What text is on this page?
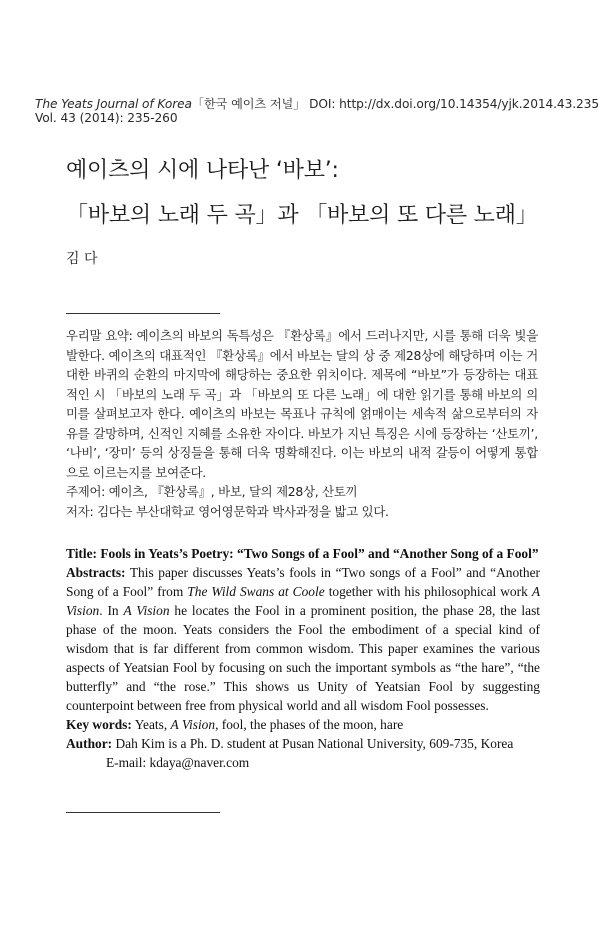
The Yeats Journal of Korea「한국 예이츠 저널」 DOI: http://dx.doi.org/10.14354/yjk.2014.43.235
Vol. 43 (2014): 235-260
예이츠의 시에 나타난 ‘바보’:
「바보의 노래 두 곡」과 「바보의 또 다른 노래」
김 다

우리말 요약: 예이츠의 바보의 독특성은 『환상록』에서 드러나지만, 시를 통해 더욱 빛을 발한다. 예이츠의 대표적인 『환상록』에서 바보는 달의 상 중 제28상에 해당하며 이는 거대한 바퀴의 순환의 마지막에 해당하는 중요한 위치이다. 제목에 “바보”가 등장하는 대표적인 시 「바보의 노래 두 곡」과 「바보의 또 다른 노래」에 대한 읽기를 통해 바보의 의미를 살펴보고자 한다. 예이츠의 바보는 목표나 규칙에 얽매이는 세속적 삶으로부터의 자유를 갈망하며, 신적인 지혜를 소유한 자이다. 바보가 지닌 특징은 시에 등장하는 ‘산토끼’, ‘나비’, ‘장미’ 등의 상징들을 통해 더욱 명확해진다. 이는 바보의 내적 갈등이 어떻게 통합으로 이르는지를 보여준다.

주제어: 예이츠, 『환상록』, 바보, 달의 제28상, 산토끼

저자: 김다는 부산대학교 영어영문학과 박사과정을 밟고 있다.

Title: Fools in Yeats’s Poetry: “Two Songs of a Fool” and “Another Song of a Fool”

Abstracts: This paper discusses Yeats’s fools in “Two songs of a Fool” and “Another Song of a Fool” from The Wild Swans at Coole together with his philosophical work A Vision. In A Vision he locates the Fool in a prominent position, the phase 28, the last phase of the moon. Yeats considers the Fool the embodiment of a special kind of wisdom that is far different from common wisdom. This paper examines the various aspects of Yeatsian Fool by focusing on such the important symbols as “the hare”, “the butterfly” and “the rose.” This shows us Unity of Yeatsian Fool by suggesting counterpoint between free from physical world and all wisdom Fool possesses.

Key words: Yeats, A Vision, fool, the phases of the moon, hare

Author: Dah Kim is a Ph. D. student at Pusan National University, 609-735, Korea

E-mail: kdaya@naver.com
